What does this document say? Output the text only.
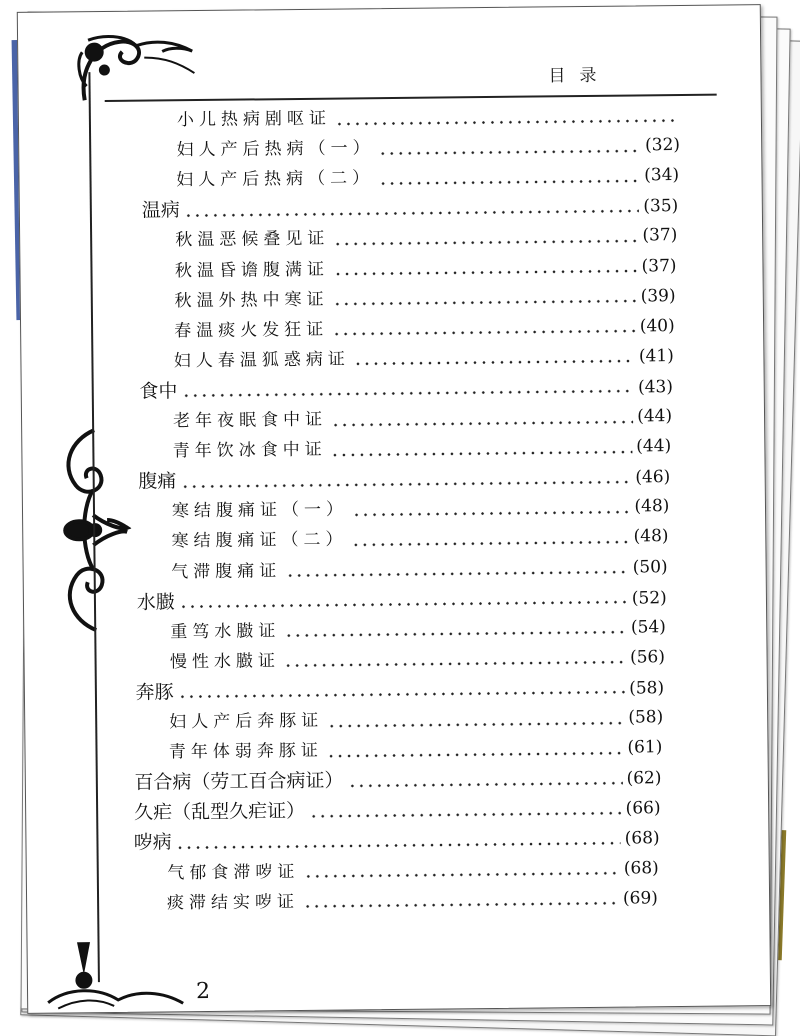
目录
小儿热病剧呕证
妇人产后热病（一）	(32)
妇人产后热病（二）	(34)
温病	(35)
秋温恶候叠见证	(37)
秋温昏谵腹满证	(37)
秋温外热中寒证	(39)
春温痰火发狂证	(40)
妇人春温狐惑病证	(41)
食中	(43)
老年夜眠食中证	(44)
青年饮冰食中证	(44)
腹痛	(46)
寒结腹痛证（一）	(48)
寒结腹痛证（二）	(48)
气滞腹痛证	(50)
水臌	(52)
重笃水臌证	(54)
慢性水臌证	(56)
奔豚	(58)
妇人产后奔豚证	(58)
青年体弱奔豚证	(61)
百合病（劳工百合病证）	(62)
久疟（乱型久疟证）	(66)
哕病	(68)
气郁食滞哕证	(68)
痰滞结实哕证	(69)
2
